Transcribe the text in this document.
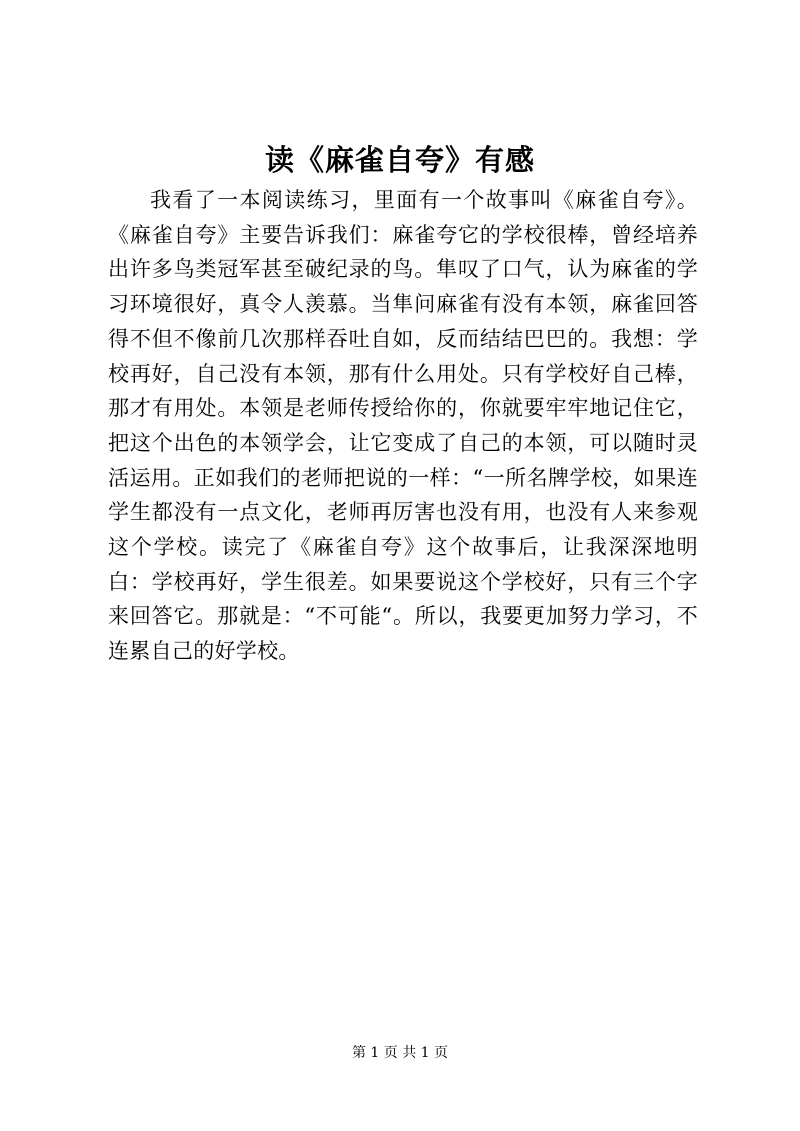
读《麻雀自夸》有感

我看了一本阅读练习，里面有一个故事叫《麻雀自夸》。《麻雀自夸》主要告诉我们：麻雀夸它的学校很棒，曾经培养出许多鸟类冠军甚至破纪录的鸟。隼叹了口气，认为麻雀的学习环境很好，真令人羡慕。当隼问麻雀有没有本领，麻雀回答得不但不像前几次那样吞吐自如，反而结结巴巴的。我想：学校再好，自己没有本领，那有什么用处。只有学校好自己棒，那才有用处。本领是老师传授给你的，你就要牢牢地记住它，把这个出色的本领学会，让它变成了自己的本领，可以随时灵活运用。正如我们的老师把说的一样：“一所名牌学校，如果连学生都没有一点文化，老师再厉害也没有用，也没有人来参观这个学校。读完了《麻雀自夸》这个故事后，让我深深地明白：学校再好，学生很差。如果要说这个学校好，只有三个字来回答它。那就是：“不可能“。所以，我要更加努力学习，不连累自己的好学校。

第 1 页 共 1 页
